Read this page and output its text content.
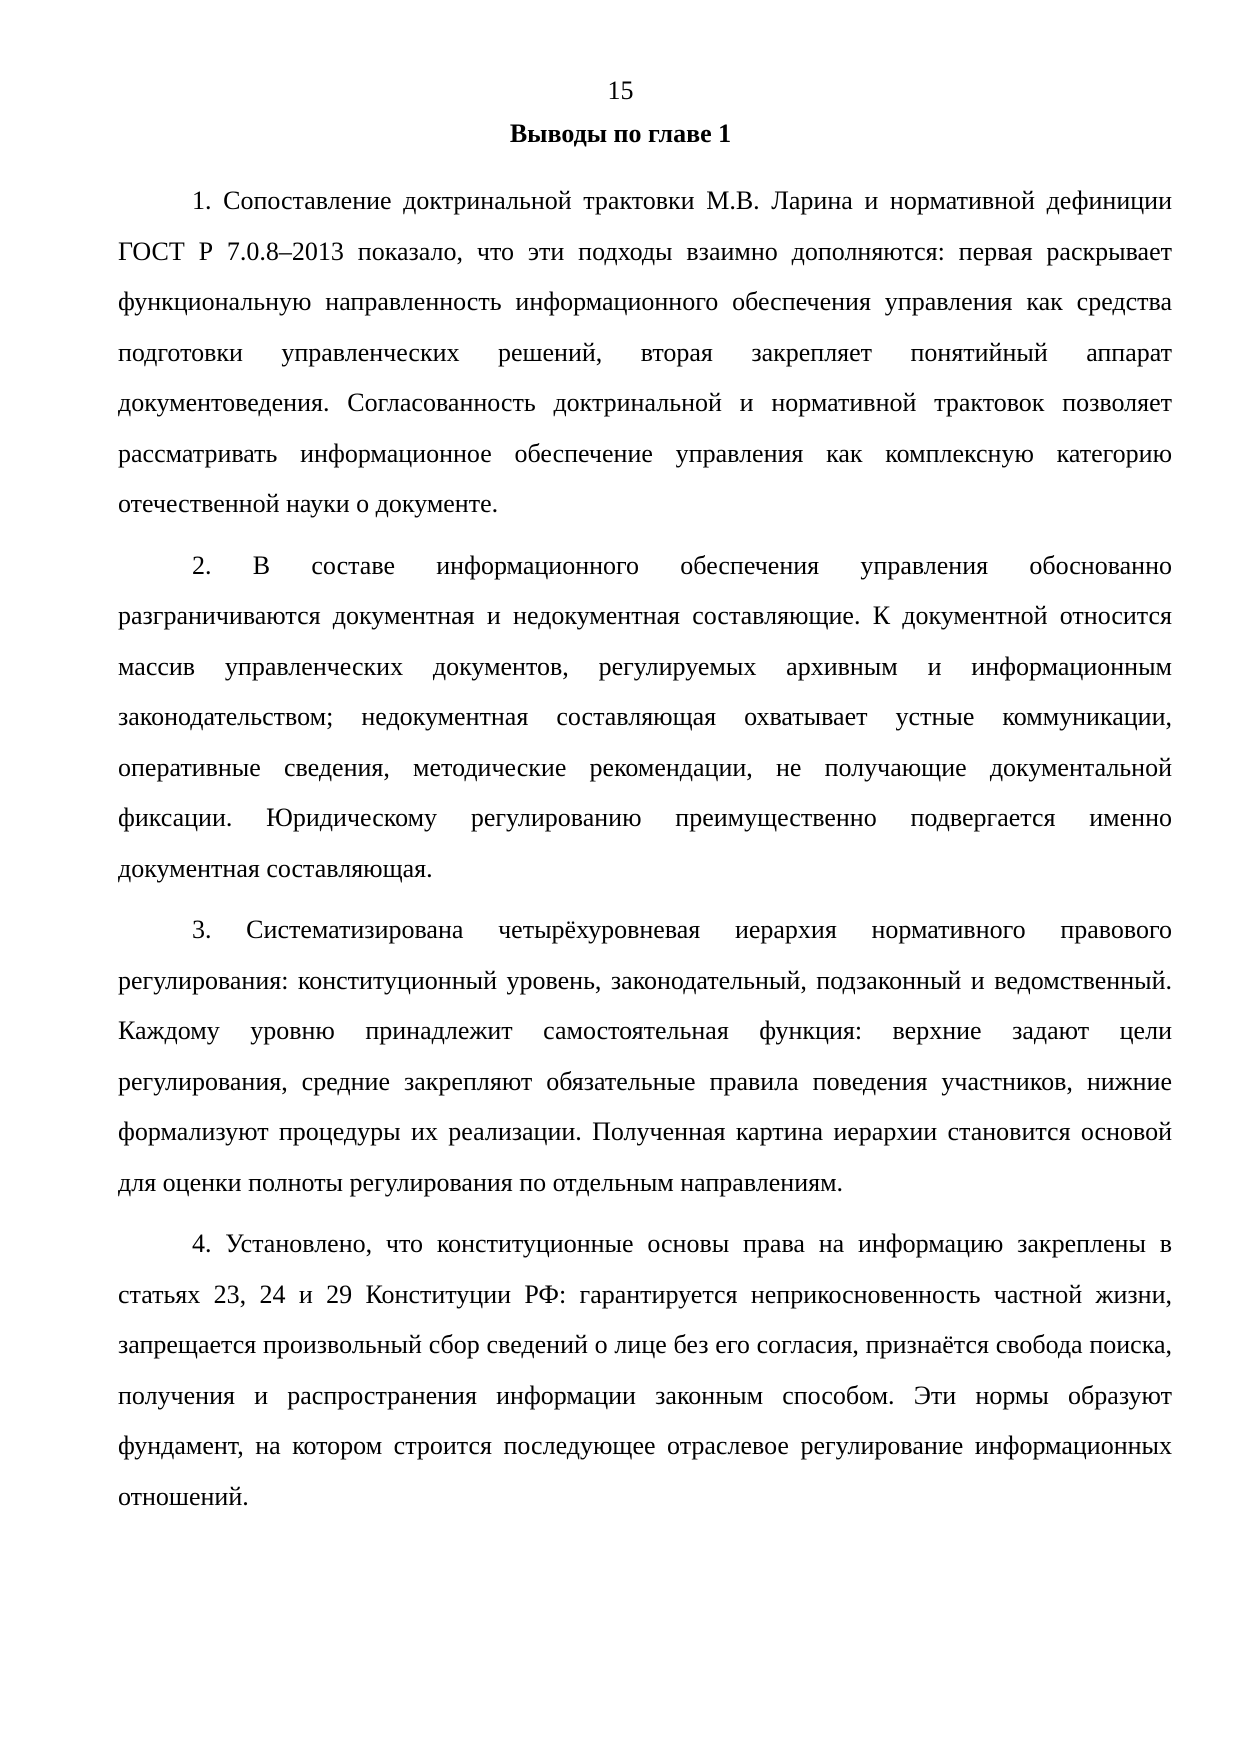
15
Выводы по главе 1

1. Сопоставление доктринальной трактовки М.В. Ларина и нормативной дефиниции ГОСТ Р 7.0.8–2013 показало, что эти подходы взаимно дополняются: первая раскрывает функциональную направленность информационного обеспечения управления как средства подготовки управленческих решений, вторая закрепляет понятийный аппарат документоведения. Согласованность доктринальной и нормативной трактовок позволяет рассматривать информационное обеспечение управления как комплексную категорию отечественной науки о документе.

2. В составе информационного обеспечения управления обоснованно разграничиваются документная и недокументная составляющие. К документной относится массив управленческих документов, регулируемых архивным и информационным законодательством; недокументная составляющая охватывает устные коммуникации, оперативные сведения, методические рекомендации, не получающие документальной фиксации. Юридическому регулированию преимущественно подвергается именно документная составляющая.

3. Систематизирована четырёхуровневая иерархия нормативного правового регулирования: конституционный уровень, законодательный, подзаконный и ведомственный. Каждому уровню принадлежит самостоятельная функция: верхние задают цели регулирования, средние закрепляют обязательные правила поведения участников, нижние формализуют процедуры их реализации. Полученная картина иерархии становится основой для оценки полноты регулирования по отдельным направлениям.

4. Установлено, что конституционные основы права на информацию закреплены в статьях 23, 24 и 29 Конституции РФ: гарантируется неприкосновенность частной жизни, запрещается произвольный сбор сведений о лице без его согласия, признаётся свобода поиска, получения и распространения информации законным способом. Эти нормы образуют фундамент, на котором строится последующее отраслевое регулирование информационных отношений.
